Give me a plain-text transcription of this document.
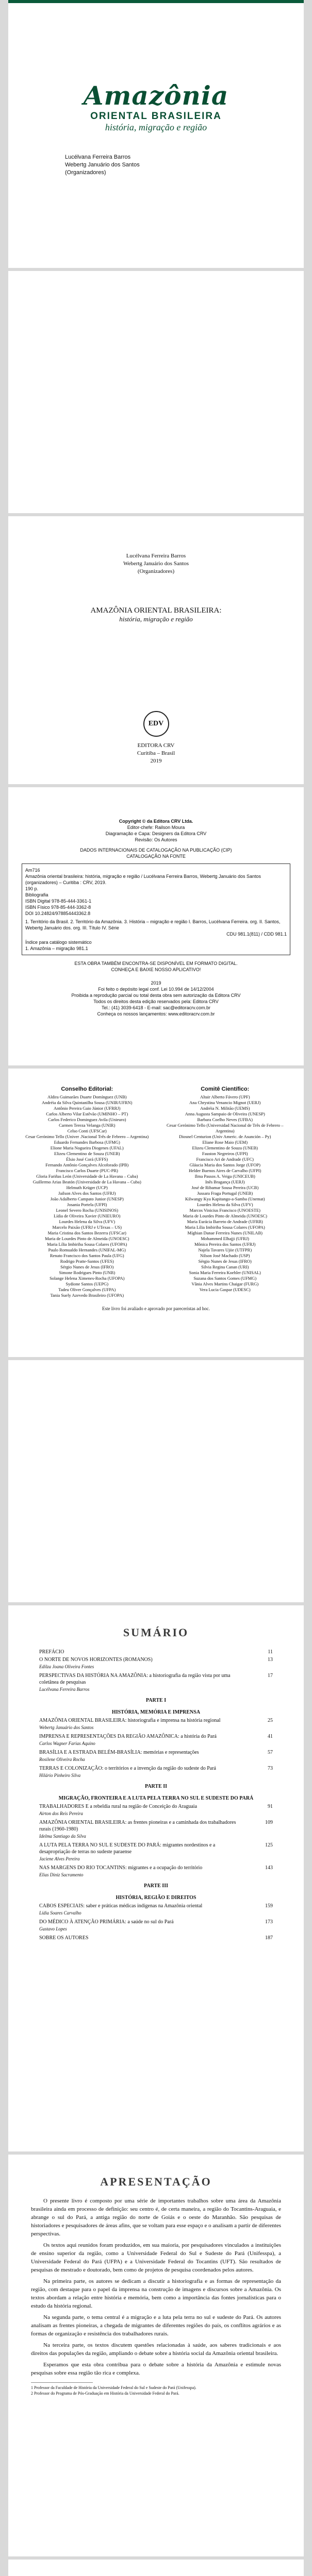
Amazônia

ORIENTAL BRASILEIRA

história, migração e região

Lucélvana Ferreira Barros
Webertg Januário dos Santos
(Organizadores)
Lucélvana Ferreira Barros
Webertg Januário dos Santos
(Organizadores)
AMAZÔNIA ORIENTAL BRASILEIRA:
história, migração e região
EDV
EDITORA CRV
Curitiba – Brasil
2019
Copyright © da Editora CRV Ltda.
Editor-chefe: Railson Moura
Diagramação e Capa: Designers da Editora CRV
Revisão: Os Autores
DADOS INTERNACIONAIS DE CATALOGAÇÃO NA PUBLICAÇÃO (CIP)
CATALOGAÇÃO NA FONTE
Am716
Amazônia oriental brasileira: história, migração e região / Lucélvana Ferreira Barros, Webertg Januário dos Santos (organizadores) – Curitiba : CRV, 2019.
190 p.
Bibliografia
ISBN Digital 978-85-444-3361-1
ISBN Físico 978-85-444-3362-8
DOI 10.24824/978854443362.8
1. Território da Brasil. 2. Território da Amazônia. 3. História – migração e região I. Barros, Lucélvana Ferreira. org. II. Santos, Webertg Januário dos. org. III. Título IV. Série
CDU 981.1(811) / CDD 981.1
Índice para catálogo sistemático
1. Amazônia – migração 981.1
ESTA OBRA TAMBÉM ENCONTRA-SE DISPONÍVEL EM FORMATO DIGITAL.
CONHEÇA E BAIXE NOSSO APLICATIVO!
2019
Foi feito o depósito legal conf. Lei 10.994 de 14/12/2004
Proibida a reprodução parcial ou total desta obra sem autorização da Editora CRV
Todos os direitos desta edição reservados pela: Editora CRV
Tel.: (41) 3039-6418 - E-mail: sac@editoracrv.com.br
Conheça os nossos lançamentos: www.editoracrv.com.br
Conselho Editorial:

Aldira Guimarães Duarte Domínguez (UNB)

Andréia da Silva Quintanilha Sousa (UNIR/UFRN)

Antônio Pereira Gaio Júnior (UFRRJ)

Carlos Alberto Vilar Estêvão (UMINHO – PT)

Carlos Federico Dominguez Avila (Unieuro)

Carmen Tereza Velanga (UNIR)

Celso Conti (UFSCar)

Cesar Gerónimo Tello (Univer .Nacional Três de Febrero – Argentina)

Eduardo Fernandes Barbosa (UFMG)

Elione Maria Nogueira Diogenes (UFAL)

Elizeu Clementino de Souza (UNEB)

Élsio José Corá (UFFS)

Fernando Antônio Gonçalves Alcoforado (IPB)

Francisco Carlos Duarte (PUC-PR)

Gloria Fariñas León (Universidade de La Havana – Cuba)

Guillermo Arias Beatón (Universidade de La Havana – Cuba)

Helmuth Krüger (UCP)

Jailson Alves dos Santos (UFRJ)

João Adalberto Campato Junior (UNESP)

Josania Portela (UFPI)

Leonel Severo Rocha (UNISINOS)

Lídia de Oliveira Xavier (UNIEURO)

Lourdes Helena da Silva (UFV)

Marcelo Paixão (UFRJ e UTexas – US)

Maria Cristina dos Santos Bezerra (UFSCar)

Maria de Lourdes Pinto de Almeida (UNOESC)

Maria Lília Imbiriba Sousa Colares (UFOPA)

Paulo Romualdo Hernandes (UNIFAL-MG)

Renato Francisco dos Santos Paula (UFG)

Rodrigo Pratte-Santos (UFES)

Sérgio Nunes de Jesus (IFRO)

Simone Rodrigues Pinto (UNB)

Solange Helena Ximenes-Rocha (UFOPA)

Sydione Santos (UEPG)

Tadeu Oliver Gonçalves (UFPA)

Tania Suely Azevedo Brasileiro (UFOPA)

Comitê Científico:

Altair Alberto Fávero (UPF)

Ana Chrystina Venancio Mignot (UERJ)

Andréia N. Militão (UEMS)

Anna Augusta Sampaio de Oliveira (UNESP)

Barbara Coelho Neves (UFBA)

Cesar Gerónimo Tello (Universidad Nacional de Três de Febrero – Argentina)

Diosnel Centurion (Univ Americ. de Asunción – Py)

Eliane Rose Maio (UEM)

Elizeu Clementino de Souza (UNEB)

Fauston Negreiros (UFPI)

Francisco Ari de Andrade (UFC)

Gláucia Maria dos Santos Jorge (UFOP)

Helder Buenos Aires de Carvalho (UFPI)

Ilma Passos A. Veiga (UNICEUB)

Inês Bragança (UERJ)

José de Ribamar Sousa Pereira (UCB)

Jussara Fraga Portugal (UNEB)

Kilwangy Kya Kapitango-a-Samba (Unemat)

Lourdes Helena da Silva (UFV)

Marcos Vinicius Francisco (UNOESTE)

Maria de Lourdes Pinto de Almeida (UNOESC)

Maria Eurácia Barreto de Andrade (UFRB)

Maria Lília Imbiriba Sousa Colares (UFOPA)

Míghian Danae Ferreira Nunes (UNILAB)

Mohammed Elhajji (UFRJ)

Mônica Pereira dos Santos (UFRJ)

Najela Tavares Ujiie (UTFPR)

Nilson José Machado (USP)

Sérgio Nunes de Jesus (IFRO)

Silvia Regina Canan (URI)

Sonia Maria Ferreira Koehler (UNISAL)

Suzana dos Santos Gomes (UFMG)

Vânia Alves Martins Chaigar (FURG)

Vera Lucia Gaspar (UDESC)

Este livro foi avaliado e aprovado por pareceristas ad hoc.
SUMÁRIO
PREFÁCIO	11
O NORTE DE NOVOS HORIZONTES (ROMANOS)	13

Edilza Joana Oliveira Fontes

PERSPECTIVAS DA HISTÓRIA NA AMAZÔNIA: a historiografia da região vista por uma coletânea de pesquisas
17

Lucélvana Ferreira Barros

PARTE I
HISTÓRIA, MEMÓRIA E IMPRENSA
AMAZÔNIA ORIENTAL BRASILEIRA: historiografia e imprensa na história regional	25

Webertg Januário dos Santos

IMPRENSA E REPRESENTAÇÕES DA REGIÃO AMAZÔNICA: a história do Pará	41

Carlos Wagner Farias Aquino

BRASÍLIA E A ESTRADA BELÉM-BRASÍLIA: memórias e representações	57

Rosilene Oliveira Rocha

TERRAS E COLONIZAÇÃO: o territórios e a invenção da região do sudeste do Pará	73

Hilário Pinheiro Silva

PARTE II
MIGRAÇÃO, FRONTEIRA E A LUTA PELA TERRA NO SUL E SUDESTE DO PARÁ
TRABALHADORES E a rebeldia rural na região de Conceição do Araguaia	91

Airton dos Reis Pereira

AMAZÔNIA ORIENTAL BRASILEIRA: as frentes pioneiras e a caminhada dos trabalhadores rurais (1960-1980)
109

Idelma Santiago da Silva

A LUTA PELA TERRA NO SUL E SUDESTE DO PARÁ: migrantes nordestinos e a desapropriação de terras no sudeste paraense
125

Jaciene Alves Pereira

NAS MARGENS DO RIO TOCANTINS: migrantes e a ocupação do território	143

Elias Diniz Sacramento

PARTE III
HISTÓRIA, REGIÃO E DIREITOS
CABOS ESPECIAIS: saber e práticas médicas indígenas na Amazônia oriental	159

Lídia Soares Carvalho

DO MÉDICO À ATENÇÃO PRIMÁRIA: a saúde no sul do Pará	173

Gustavo Lopes

SOBRE OS AUTORES	187
APRESENTAÇÃO

O presente livro é composto por uma série de importantes trabalhos sobre uma área da Amazônia brasileira ainda em processo de definição: seu centro é, de certa maneira, a região do Tocantins-Araguaia, e abrange o sul do Pará, a antiga região do norte de Goiás e o oeste do Maranhão. São pesquisas de historiadores e pesquisadores de áreas afins, que se voltam para esse espaço e o analisam a partir de diferentes perspectivas.

Os textos aqui reunidos foram produzidos, em sua maioria, por pesquisadores vinculados a instituições de ensino superior da região, como a Universidade Federal do Sul e Sudeste do Pará (Unifesspa), a Universidade Federal do Pará (UFPA) e a Universidade Federal do Tocantins (UFT). São resultados de pesquisas de mestrado e doutorado, bem como de projetos de pesquisa coordenados pelos autores.

Na primeira parte, os autores se dedicam a discutir a historiografia e as formas de representação da região, com destaque para o papel da imprensa na construção de imagens e discursos sobre a Amazônia. Os textos abordam a relação entre história e memória, bem como a importância das fontes jornalísticas para o estudo da história regional.

Na segunda parte, o tema central é a migração e a luta pela terra no sul e sudeste do Pará. Os autores analisam as frentes pioneiras, a chegada de migrantes de diferentes regiões do país, os conflitos agrários e as formas de organização e resistência dos trabalhadores rurais.

Na terceira parte, os textos discutem questões relacionadas à saúde, aos saberes tradicionais e aos direitos das populações da região, ampliando o debate sobre a história social da Amazônia oriental brasileira.

Esperamos que esta obra contribua para o debate sobre a história da Amazônia e estimule novas pesquisas sobre essa região tão rica e complexa.

1 Professor da Faculdade de História da Universidade Federal do Sul e Sudeste do Pará (Unifesspa).

2 Professor do Programa de Pós-Graduação em História da Universidade Federal do Pará.
